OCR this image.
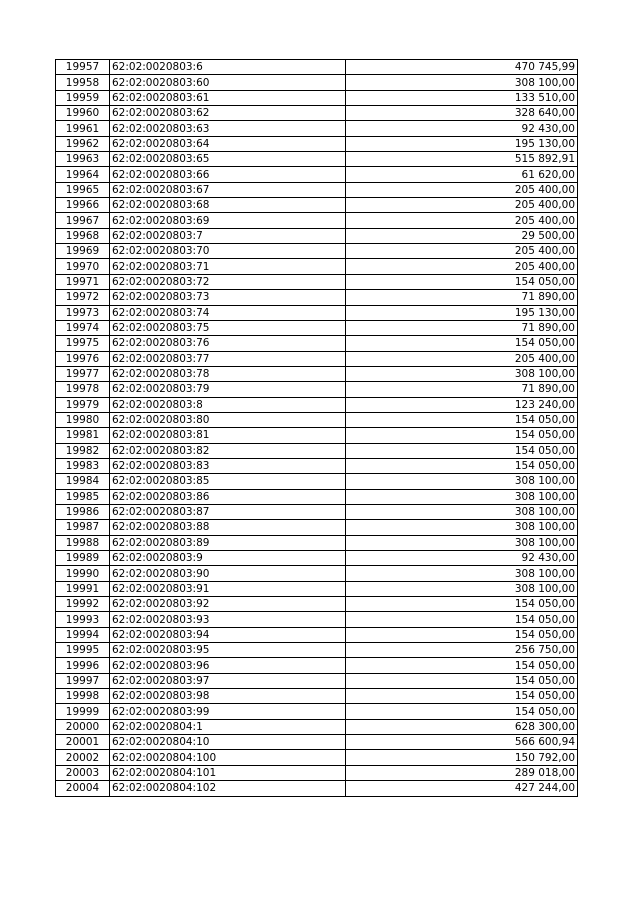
19957	62:02:0020803:6	470 745,99
19958	62:02:0020803:60	308 100,00
19959	62:02:0020803:61	133 510,00
19960	62:02:0020803:62	328 640,00
19961	62:02:0020803:63	92 430,00
19962	62:02:0020803:64	195 130,00
19963	62:02:0020803:65	515 892,91
19964	62:02:0020803:66	61 620,00
19965	62:02:0020803:67	205 400,00
19966	62:02:0020803:68	205 400,00
19967	62:02:0020803:69	205 400,00
19968	62:02:0020803:7	29 500,00
19969	62:02:0020803:70	205 400,00
19970	62:02:0020803:71	205 400,00
19971	62:02:0020803:72	154 050,00
19972	62:02:0020803:73	71 890,00
19973	62:02:0020803:74	195 130,00
19974	62:02:0020803:75	71 890,00
19975	62:02:0020803:76	154 050,00
19976	62:02:0020803:77	205 400,00
19977	62:02:0020803:78	308 100,00
19978	62:02:0020803:79	71 890,00
19979	62:02:0020803:8	123 240,00
19980	62:02:0020803:80	154 050,00
19981	62:02:0020803:81	154 050,00
19982	62:02:0020803:82	154 050,00
19983	62:02:0020803:83	154 050,00
19984	62:02:0020803:85	308 100,00
19985	62:02:0020803:86	308 100,00
19986	62:02:0020803:87	308 100,00
19987	62:02:0020803:88	308 100,00
19988	62:02:0020803:89	308 100,00
19989	62:02:0020803:9	92 430,00
19990	62:02:0020803:90	308 100,00
19991	62:02:0020803:91	308 100,00
19992	62:02:0020803:92	154 050,00
19993	62:02:0020803:93	154 050,00
19994	62:02:0020803:94	154 050,00
19995	62:02:0020803:95	256 750,00
19996	62:02:0020803:96	154 050,00
19997	62:02:0020803:97	154 050,00
19998	62:02:0020803:98	154 050,00
19999	62:02:0020803:99	154 050,00
20000	62:02:0020804:1	628 300,00
20001	62:02:0020804:10	566 600,94
20002	62:02:0020804:100	150 792,00
20003	62:02:0020804:101	289 018,00
20004	62:02:0020804:102	427 244,00
